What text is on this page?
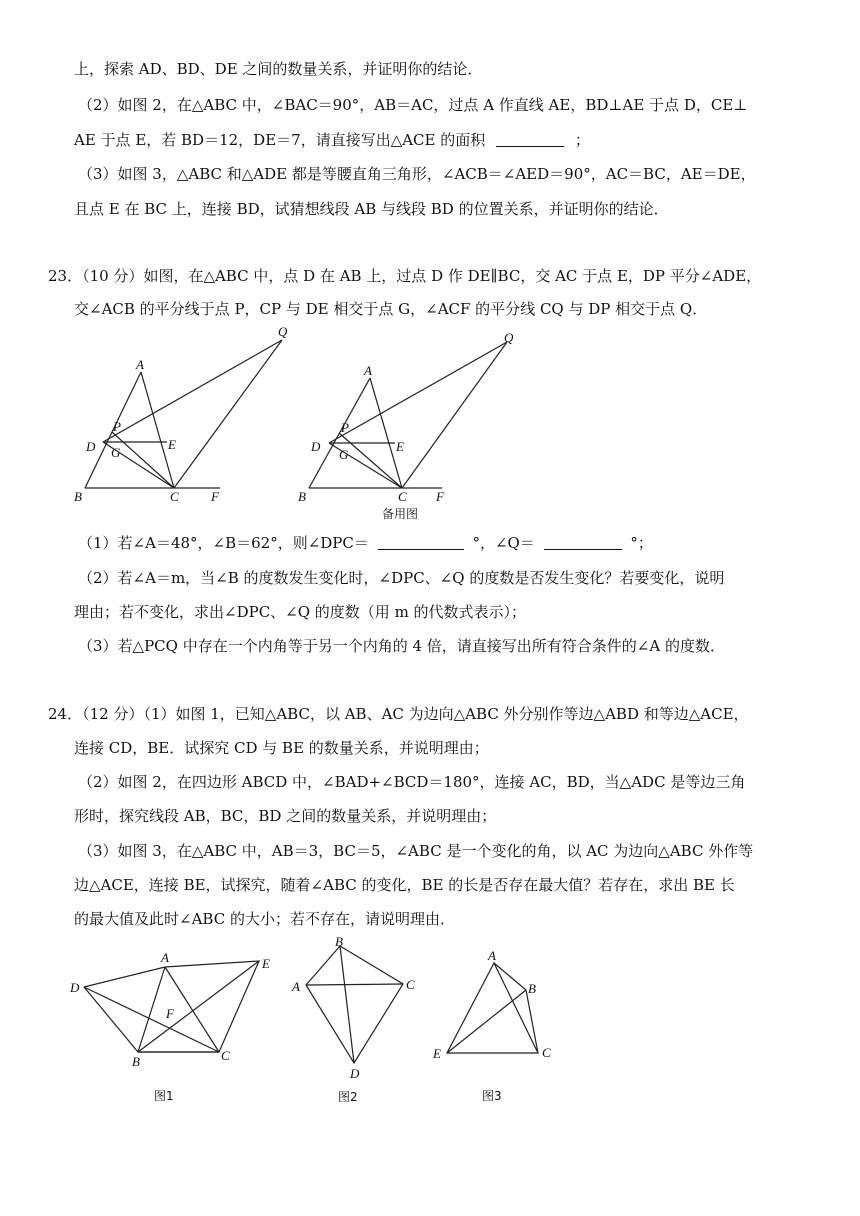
上，探索 AD、BD、DE 之间的数量关系，并证明你的结论．
（2）如图 2，在△ABC 中，∠BAC＝90°，AB＝AC，过点 A 作直线 AE，BD⊥AE 于点 D，CE⊥
AE 于点 E，若 BD＝12，DE＝7，请直接写出△ACE 的面积	；
（3）如图 3，△ABC 和△ADE 都是等腰直角三角形，∠ACB＝∠AED＝90°，AC＝BC，AE＝DE，
且点 E 在 BC 上，连接 BD，试猜想线段 AB 与线段 BD 的位置关系，并证明你的结论．
23．（10 分）如图，在△ABC 中，点 D 在 AB 上，过点 D 作 DE∥BC，交 AC 于点 E，DP 平分∠ADE，
交∠ACB 的平分线于点 P，CP 与 DE 相交于点 G，∠ACF 的平分线 CQ 与 DP 相交于点 Q．
A
B	C
D	E
F
G
P
Q
A
B	C
D	E
F
G
P
Q
备用图
（1）若∠A＝48°，∠B＝62°，则∠DPC＝	°，∠Q＝	°；
（2）若∠A＝m，当∠B 的度数发生变化时，∠DPC、∠Q 的度数是否发生变化？若要变化，说明
理由；若不变化，求出∠DPC、∠Q 的度数（用 m 的代数式表示）；
（3）若△PCQ 中存在一个内角等于另一个内角的 4 倍，请直接写出所有符合条件的∠A 的度数．
24．（12 分）（1）如图 1，已知△ABC，以 AB、AC 为边向△ABC 外分别作等边△ABD 和等边△ACE，
连接 CD，BE．试探究 CD 与 BE 的数量关系，并说明理由；
（2）如图 2，在四边形 ABCD 中，∠BAD+∠BCD＝180°，连接 AC，BD，当△ADC 是等边三角
形时，探究线段 AB，BC，BD 之间的数量关系，并说明理由；
（3）如图 3，在△ABC 中，AB＝3，BC＝5，∠ABC 是一个变化的角，以 AC 为边向△ABC 外作等
边△ACE，连接 BE，试探究，随着∠ABC 的变化，BE 的长是否存在最大值？若存在，求出 BE 长
的最大值及此时∠ABC 的大小；若不存在，请说明理由．
A
B	C
D
E
F
图1
B
C
A
D
图2
A
B
C
E
图3
